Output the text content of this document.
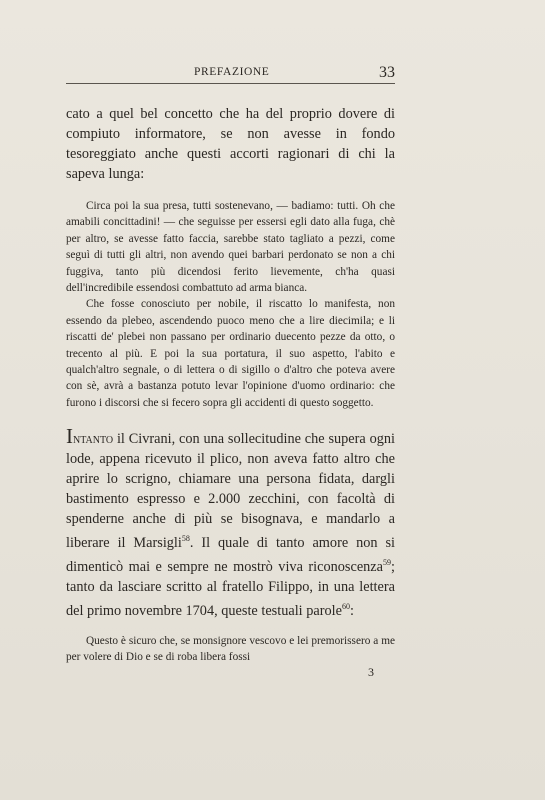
PREFAZIONE	33

cato a quel bel concetto che ha del proprio dovere di compiuto informatore, se non avesse in fondo tesoreggiato anche questi accorti ragionari di chi la sapeva lunga:

Circa poi la sua presa, tutti sostenevano, — badiamo: tutti. Oh che amabili concittadini! — che seguisse per essersi egli dato alla fuga, chè per altro, se avesse fatto faccia, sarebbe stato tagliato a pezzi, come seguì di tutti gli altri, non avendo quei barbari perdonato se non a chi fuggiva, tanto più dicendosi ferito lievemente, ch'ha quasi dell'incredibile essendosi combattuto ad arma bianca.

Che fosse conosciuto per nobile, il riscatto lo manifesta, non essendo da plebeo, ascendendo puoco meno che a lire diecimila; e li riscatti de' plebei non passano per ordinario duecento pezze da otto, o trecento al più. E poi la sua portatura, il suo aspetto, l'abito e qualch'altro segnale, o di lettera o di sigillo o d'altro che poteva avere con sè, avrà a bastanza potuto levar l'opinione d'uomo ordinario: che furono i discorsi che si fecero sopra gli accidenti di questo soggetto.

Intanto il Civrani, con una sollecitudine che supera ogni lode, appena ricevuto il plico, non aveva fatto altro che aprire lo scrigno, chiamare una persona fidata, dargli bastimento espresso e 2.000 zecchini, con facoltà di spenderne anche di più se bisognava, e mandarlo a liberare il Marsigli$^{58}$. Il quale di tanto amore non si dimenticò mai e sempre ne mostrò viva riconoscenza$^{59}$; tanto da lasciare scritto al fratello Filippo, in una lettera del primo novembre 1704, queste testuali parole$^{60}$:

Questo è sicuro che, se monsignore vescovo e lei premorissero a me per volere di Dio e se di roba libera fossi

3
